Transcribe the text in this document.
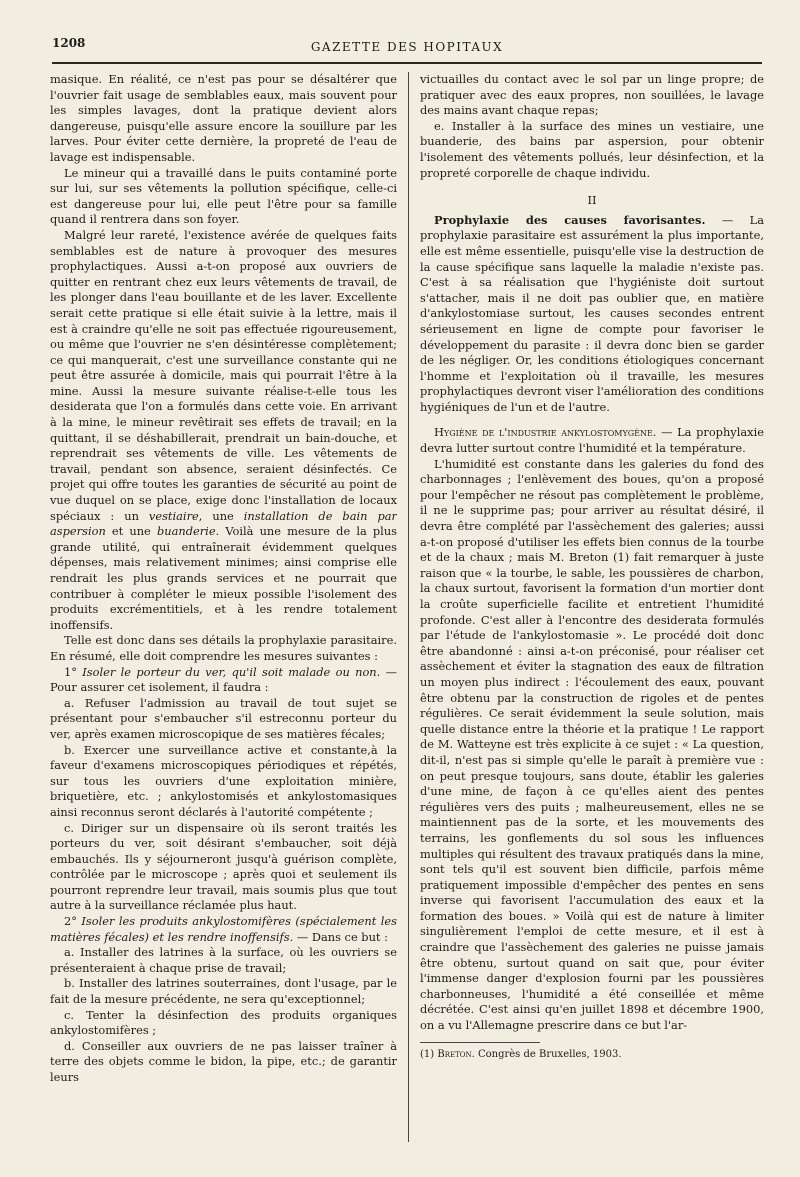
1208	GAZETTE DES HOPITAUX

masique. En réalité, ce n'est pas pour se désaltérer que l'ouvrier fait usage de semblables eaux, mais souvent pour les simples lavages, dont la pratique devient alors dangereuse, puisqu'elle assure encore la souillure par les larves. Pour éviter cette dernière, la propreté de l'eau de lavage est indispensable.

Le mineur qui a travaillé dans le puits contaminé porte sur lui, sur ses vêtements la pollution spécifique, celle-ci est dangereuse pour lui, elle peut l'être pour sa famille quand il rentrera dans son foyer.

Malgré leur rareté, l'existence avérée de quelques faits semblables est de nature à provoquer des mesures prophylactiques. Aussi a-t-on proposé aux ouvriers de quitter en rentrant chez eux leurs vêtements de travail, de les plonger dans l'eau bouillante et de les laver. Excellente serait cette pratique si elle était suivie à la lettre, mais il est à craindre qu'elle ne soit pas effectuée rigoureusement, ou même que l'ouvrier ne s'en désintéresse complètement; ce qui manquerait, c'est une surveillance constante qui ne peut être assurée à domicile, mais qui pourrait l'être à la mine. Aussi la mesure suivante réalise-t-elle tous les desiderata que l'on a formulés dans cette voie. En arrivant à la mine, le mineur revêtirait ses effets de travail; en la quittant, il se déshabillerait, prendrait un bain-douche, et reprendrait ses vêtements de ville. Les vêtements de travail, pendant son absence, seraient désinfectés. Ce projet qui offre toutes les garanties de sécurité au point de vue duquel on se place, exige donc l'installation de locaux spéciaux : un vestiaire, une installation de bain par aspersion et une buanderie. Voilà une mesure de la plus grande utilité, qui entraînerait évidemment quelques dépenses, mais relativement minimes; ainsi comprise elle rendrait les plus grands services et ne pourrait que contribuer à compléter le mieux possible l'isolement des produits excrémentitiels, et à les rendre totalement inoffensifs.

Telle est donc dans ses détails la prophylaxie parasitaire. En résumé, elle doit comprendre les mesures suivantes :

1° Isoler le porteur du ver, qu'il soit malade ou non. — Pour assurer cet isolement, il faudra :

a. Refuser l'admission au travail de tout sujet se présentant pour s'embaucher s'il estreconnu porteur du ver, après examen microscopique de ses matières fécales;

b. Exercer une surveillance active et constante,à la faveur d'examens microscopiques périodiques et répétés, sur tous les ouvriers d'une exploitation minière, briquetière, etc. ; ankylostomisés et ankylostomasiques ainsi reconnus seront déclarés à l'autorité compétente ;

c. Diriger sur un dispensaire où ils seront traités les porteurs du ver, soit désirant s'embaucher, soit déjà embauchés. Ils y séjourneront jusqu'à guérison complète, contrôlée par le microscope ; après quoi et seulement ils pourront reprendre leur travail, mais soumis plus que tout autre à la surveillance réclamée plus haut.

2° Isoler les produits ankylostomifères (spécialement les matières fécales) et les rendre inoffensifs. — Dans ce but :

a. Installer des latrines à la surface, où les ouvriers se présenteraient à chaque prise de travail;

b. Installer des latrines souterraines, dont l'usage, par le fait de la mesure précédente, ne sera qu'exceptionnel;

c. Tenter la désinfection des produits organiques ankylostomifères ;

d. Conseiller aux ouvriers de ne pas laisser traîner à terre des objets comme le bidon, la pipe, etc.; de garantir leurs

victuailles du contact avec le sol par un linge propre; de pratiquer avec des eaux propres, non souillées, le lavage des mains avant chaque repas;

e. Installer à la surface des mines un vestiaire, une buanderie, des bains par aspersion, pour obtenir l'isolement des vêtements pollués, leur désinfection, et la propreté corporelle de chaque individu.

II

Prophylaxie des causes favorisantes. — La prophylaxie parasitaire est assurément la plus importante, elle est même essentielle, puisqu'elle vise la destruction de la cause spécifique sans laquelle la maladie n'existe pas. C'est à sa réalisation que l'hygiéniste doit surtout s'attacher, mais il ne doit pas oublier que, en matière d'ankylostomiase surtout, les causes secondes entrent sérieusement en ligne de compte pour favoriser le développement du parasite : il devra donc bien se garder de les négliger. Or, les conditions étiologiques concernant l'homme et l'exploitation où il travaille, les mesures prophylactiques devront viser l'amélioration des conditions hygiéniques de l'un et de l'autre.

Hygiène de l'industrie ankylostomygène. — La prophylaxie devra lutter surtout contre l'humidité et la température.

L'humidité est constante dans les galeries du fond des charbonnages ; l'enlèvement des boues, qu'on a proposé pour l'empêcher ne résout pas complètement le problème, il ne le supprime pas; pour arriver au résultat désiré, il devra être complété par l'assèchement des galeries; aussi a-t-on proposé d'utiliser les effets bien connus de la tourbe et de la chaux ; mais M. Breton (1) fait remarquer à juste raison que « la tourbe, le sable, les poussières de charbon, la chaux surtout, favorisent la formation d'un mortier dont la croûte superficielle facilite et entretient l'humidité profonde. C'est aller à l'encontre des desiderata formulés par l'étude de l'ankylostomasie ». Le procédé doit donc être abandonné : ainsi a-t-on préconisé, pour réaliser cet assèchement et éviter la stagnation des eaux de filtration un moyen plus indirect : l'écoulement des eaux, pouvant être obtenu par la construction de rigoles et de pentes régulières. Ce serait évidemment la seule solution, mais quelle distance entre la théorie et la pratique ! Le rapport de M. Watteyne est très explicite à ce sujet : « La question, dit-il, n'est pas si simple qu'elle le paraît à première vue : on peut presque toujours, sans doute, établir les galeries d'une mine, de façon à ce qu'elles aient des pentes régulières vers des puits ; malheureusement, elles ne se maintiennent pas de la sorte, et les mouvements des terrains, les gonflements du sol sous les influences multiples qui résultent des travaux pratiqués dans la mine, sont tels qu'il est souvent bien difficile, parfois même pratiquement impossible d'empêcher des pentes en sens inverse qui favorisent l'accumulation des eaux et la formation des boues. » Voilà qui est de nature à limiter singulièrement l'emploi de cette mesure, et il est à craindre que l'assèchement des galeries ne puisse jamais être obtenu, surtout quand on sait que, pour éviter l'immense danger d'explosion fourni par les poussières charbonneuses, l'humidité a été conseillée et même décrétée. C'est ainsi qu'en juillet 1898 et décembre 1900, on a vu l'Allemagne prescrire dans ce but l'ar-

(1) Breton. Congrès de Bruxelles, 1903.
